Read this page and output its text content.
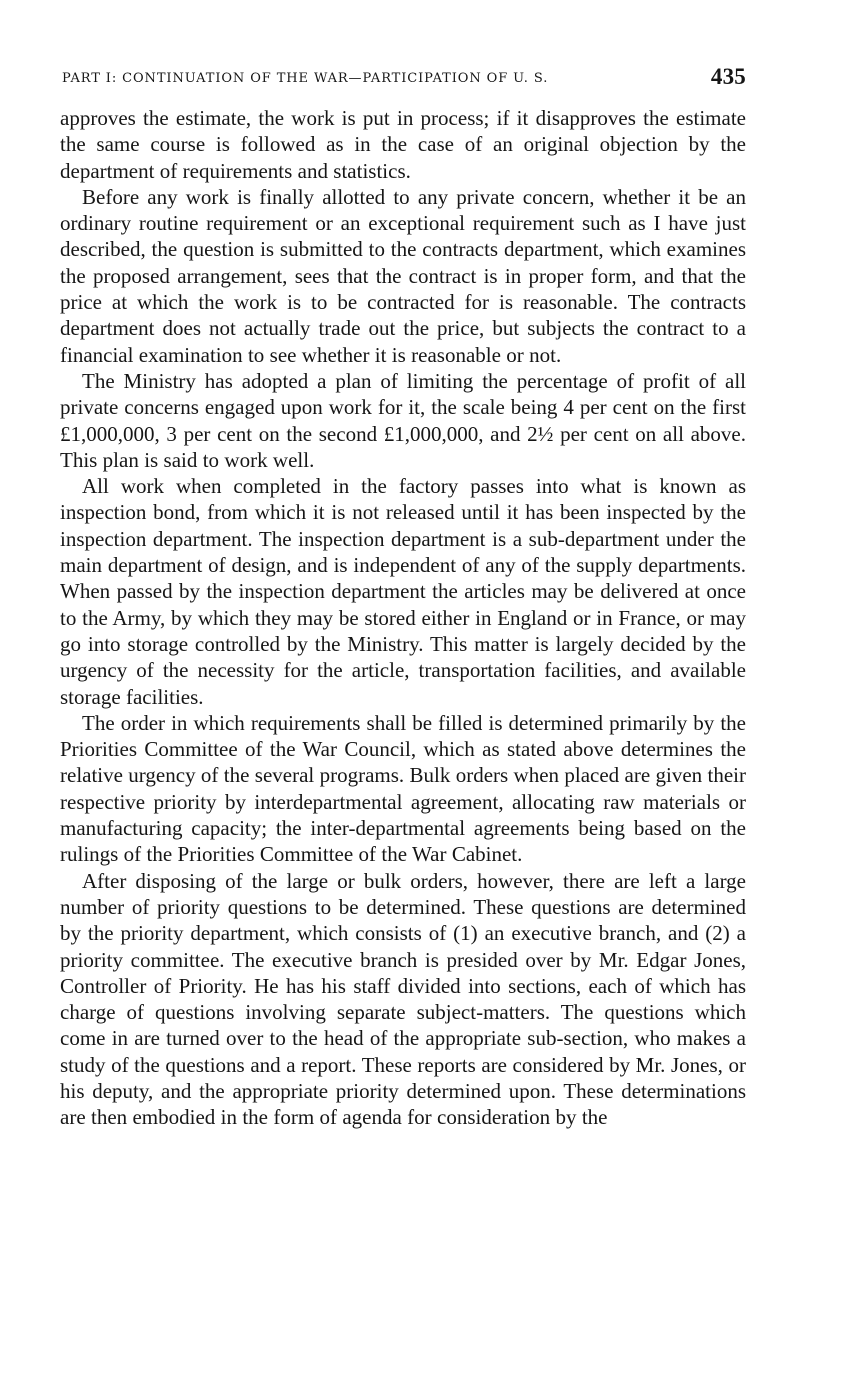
PART I: CONTINUATION OF THE WAR—PARTICIPATION OF U. S.	435

approves the estimate, the work is put in process; if it disapproves the estimate the same course is followed as in the case of an original objection by the department of requirements and statistics.

Before any work is finally allotted to any private concern, whether it be an ordinary routine requirement or an exceptional requirement such as I have just described, the question is submitted to the contracts department, which examines the proposed arrangement, sees that the contract is in proper form, and that the price at which the work is to be contracted for is reasonable. The contracts department does not actually trade out the price, but subjects the contract to a financial examination to see whether it is reasonable or not.

The Ministry has adopted a plan of limiting the percentage of profit of all private concerns engaged upon work for it, the scale being 4 per cent on the first £1,000,000, 3 per cent on the second £1,000,000, and 2½ per cent on all above. This plan is said to work well.

All work when completed in the factory passes into what is known as inspection bond, from which it is not released until it has been inspected by the inspection department. The inspection department is a sub-department under the main department of design, and is independent of any of the supply departments. When passed by the inspection department the articles may be delivered at once to the Army, by which they may be stored either in England or in France, or may go into storage controlled by the Ministry. This matter is largely decided by the urgency of the necessity for the article, transportation facilities, and available storage facilities.

The order in which requirements shall be filled is determined primarily by the Priorities Committee of the War Council, which as stated above determines the relative urgency of the several programs. Bulk orders when placed are given their respective priority by interdepartmental agreement, allocating raw materials or manufacturing capacity; the inter-departmental agreements being based on the rulings of the Priorities Committee of the War Cabinet.

After disposing of the large or bulk orders, however, there are left a large number of priority questions to be determined. These questions are determined by the priority department, which consists of (1) an executive branch, and (2) a priority committee. The executive branch is presided over by Mr. Edgar Jones, Controller of Priority. He has his staff divided into sections, each of which has charge of questions involving separate subject-matters. The questions which come in are turned over to the head of the appropriate sub-section, who makes a study of the questions and a report. These reports are considered by Mr. Jones, or his deputy, and the appropriate priority determined upon. These determinations are then embodied in the form of agenda for consideration by the
